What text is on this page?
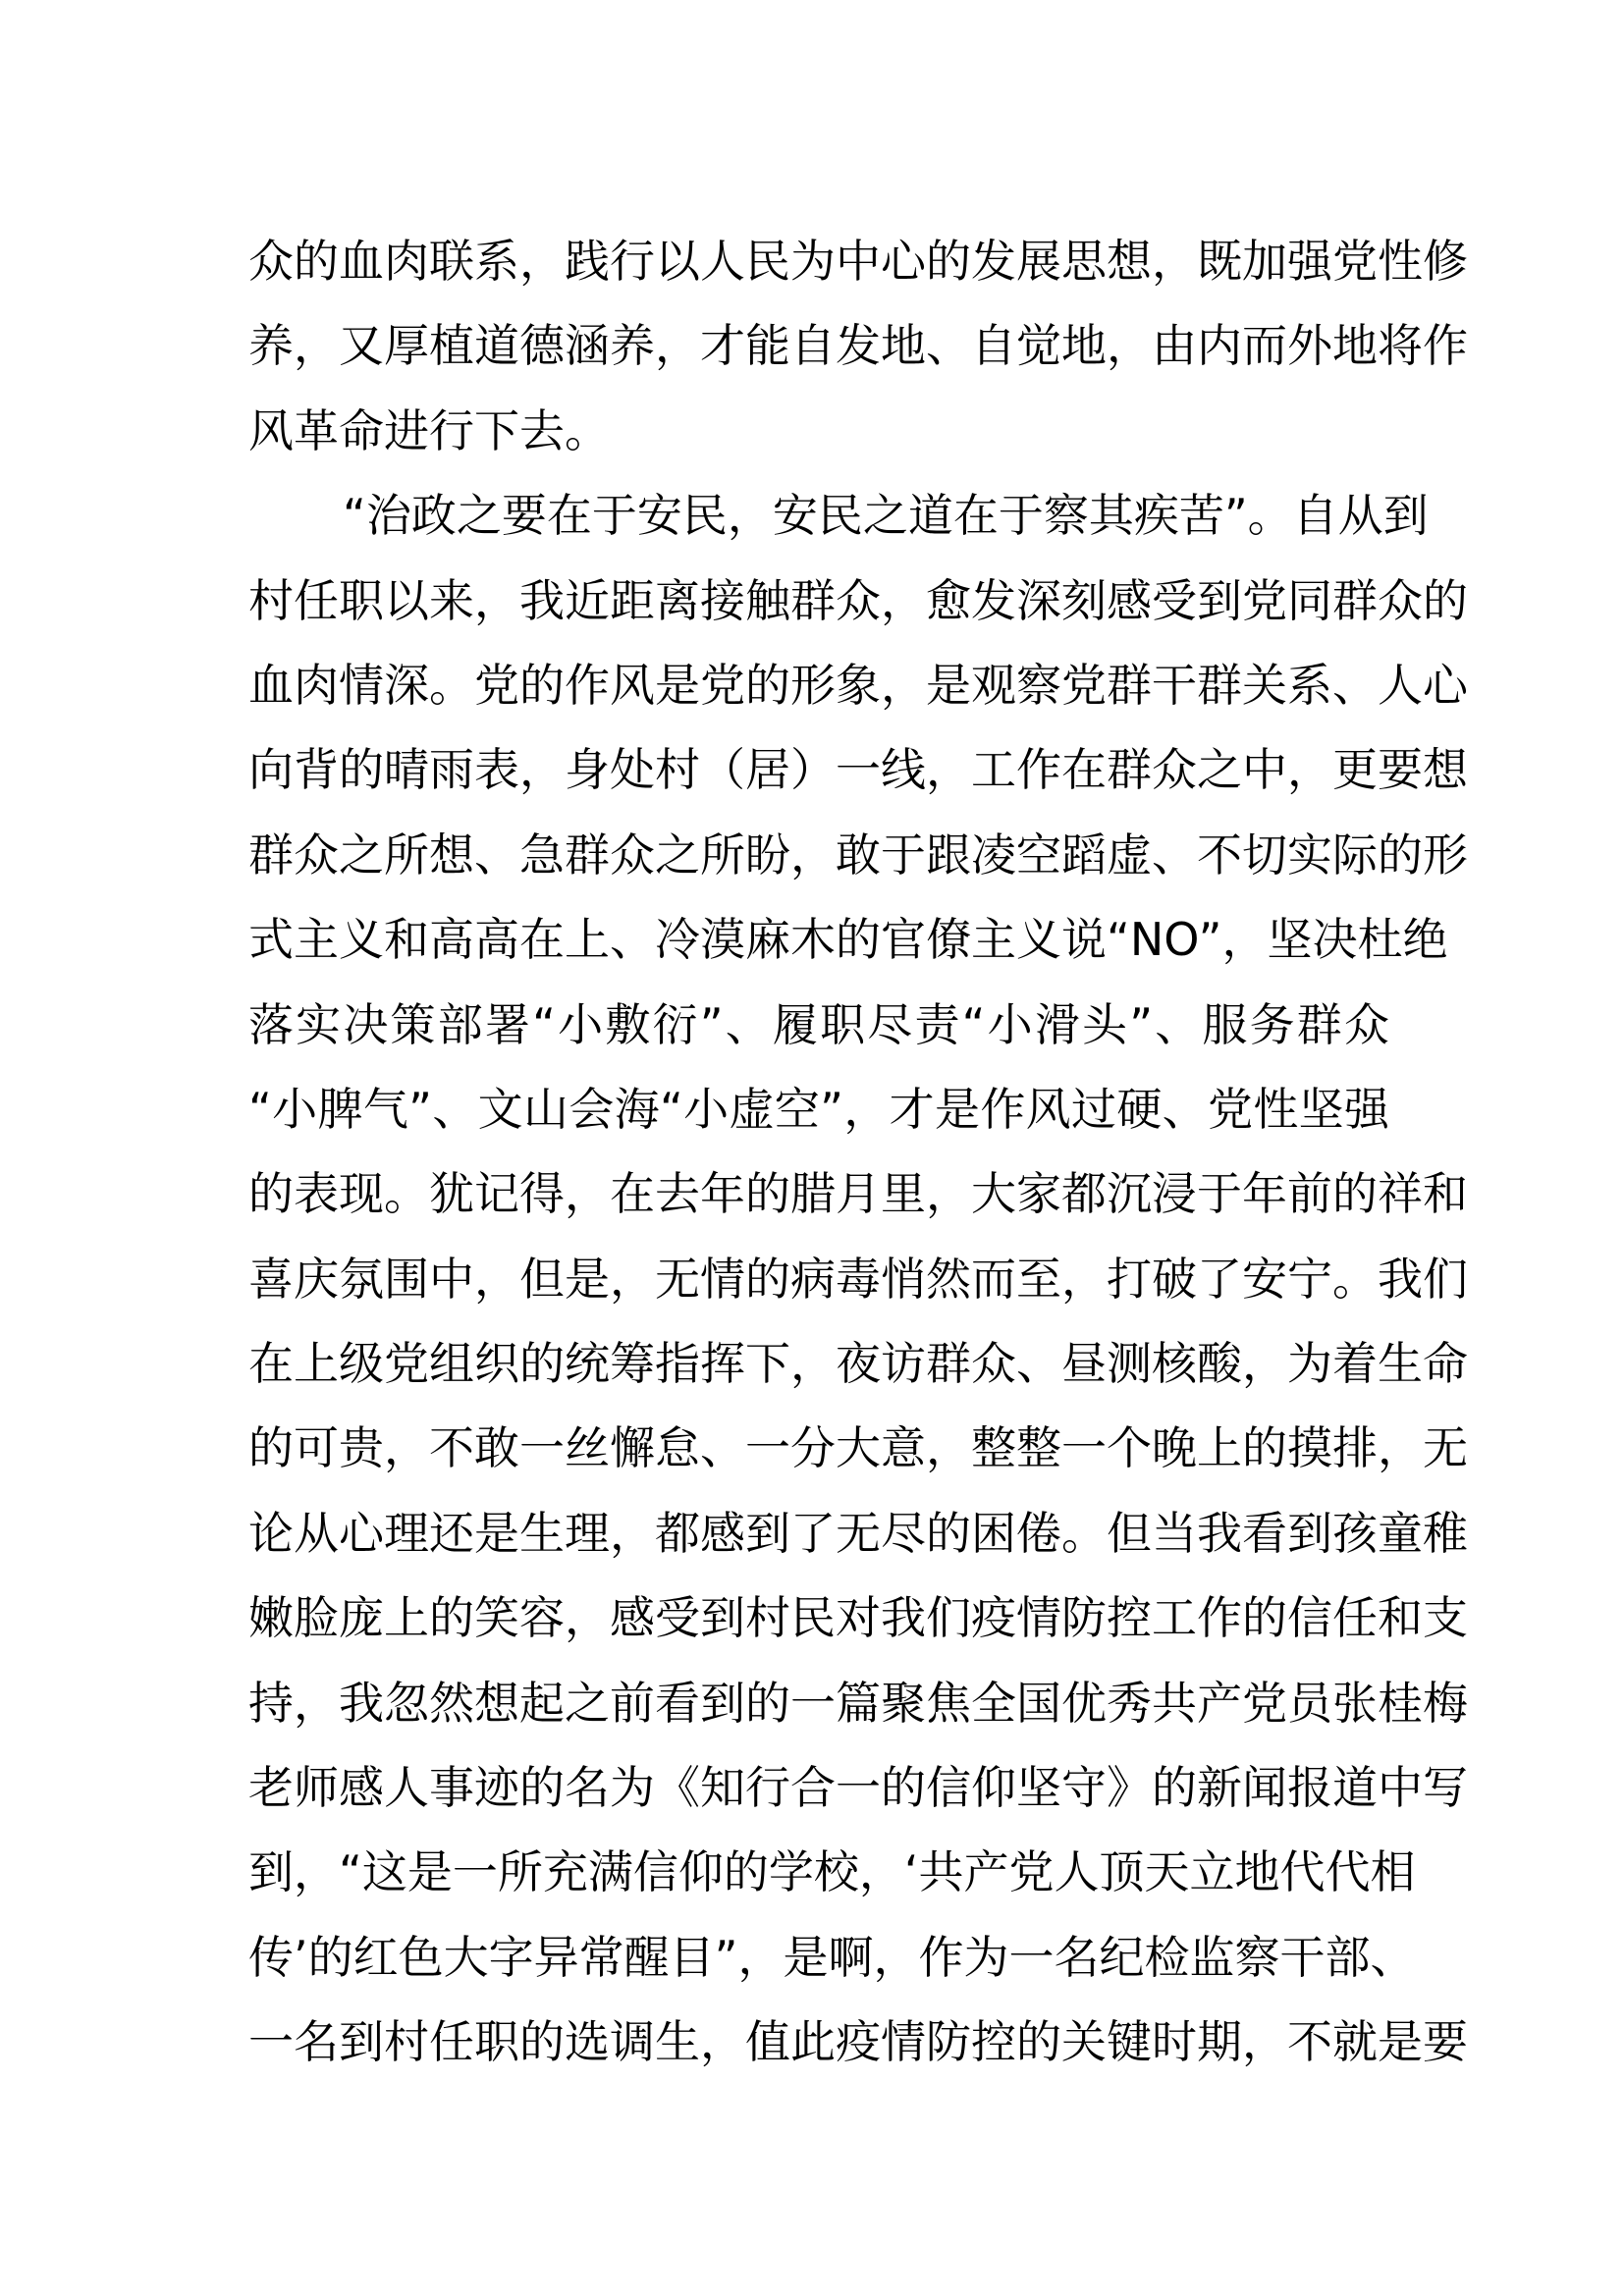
众的血肉联系，践行以人民为中心的发展思想，既加强党性修
养，又厚植道德涵养，才能自发地、自觉地，由内而外地将作
风革命进行下去。
“治政之要在于安民，安民之道在于察其疾苦”。自从到
村任职以来，我近距离接触群众，愈发深刻感受到党同群众的
血肉情深。党的作风是党的形象，是观察党群干群关系、人心
向背的晴雨表，身处村（居）一线，工作在群众之中，更要想
群众之所想、急群众之所盼，敢于跟凌空蹈虚、不切实际的形
式主义和高高在上、冷漠麻木的官僚主义说“NO”，坚决杜绝
落实决策部署“小敷衍”、履职尽责“小滑头”、服务群众
“小脾气”、文山会海“小虚空”，才是作风过硬、党性坚强
的表现。犹记得，在去年的腊月里，大家都沉浸于年前的祥和
喜庆氛围中，但是，无情的病毒悄然而至，打破了安宁。我们
在上级党组织的统筹指挥下，夜访群众、昼测核酸，为着生命
的可贵，不敢一丝懈怠、一分大意，整整一个晚上的摸排，无
论从心理还是生理，都感到了无尽的困倦。但当我看到孩童稚
嫩脸庞上的笑容，感受到村民对我们疫情防控工作的信任和支
持，我忽然想起之前看到的一篇聚焦全国优秀共产党员张桂梅
老师感人事迹的名为《知行合一的信仰坚守》的新闻报道中写
到，“这是一所充满信仰的学校，‘共产党人顶天立地代代相
传’的红色大字异常醒目”，是啊，作为一名纪检监察干部、
一名到村任职的选调生，值此疫情防控的关键时期，不就是要
